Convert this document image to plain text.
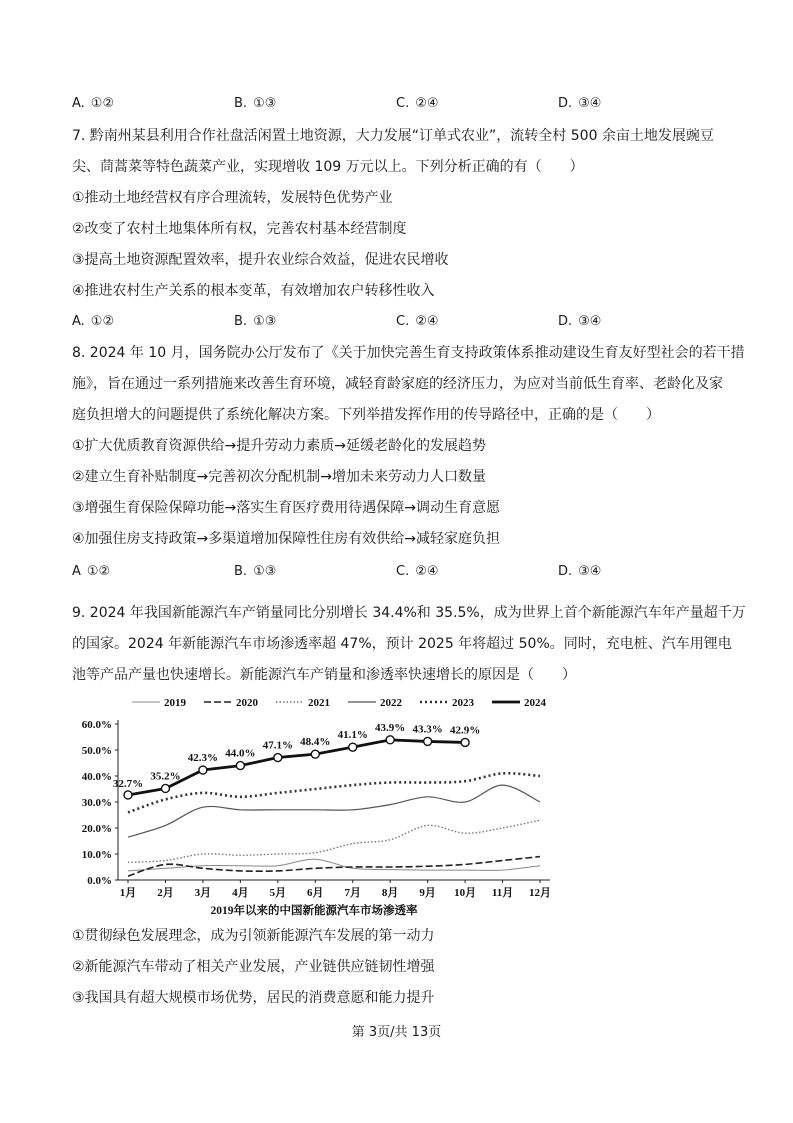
A. ①②	B. ①③	C. ②④	D. ③④
7. 黔南州某县利用合作社盘活闲置土地资源，大力发展“订单式农业”，流转全村 500 余亩土地发展豌豆
尖、茼蒿菜等特色蔬菜产业，实现增收 109 万元以上。下列分析正确的有（　　）
①推动土地经营权有序合理流转，发展特色优势产业
②改变了农村土地集体所有权，完善农村基本经营制度
③提高土地资源配置效率，提升农业综合效益，促进农民增收
④推进农村生产关系的根本变革，有效增加农户转移性收入
A. ①②	B. ①③	C. ②④	D. ③④
8. 2024 年 10 月，国务院办公厅发布了《关于加快完善生育支持政策体系推动建设生育友好型社会的若干措
施》，旨在通过一系列措施来改善生育环境，减轻育龄家庭的经济压力，为应对当前低生育率、老龄化及家
庭负担增大的问题提供了系统化解决方案。下列举措发挥作用的传导路径中，正确的是（　　）
①扩大优质教育资源供给→提升劳动力素质→延缓老龄化的发展趋势
②建立生育补贴制度→完善初次分配机制→增加未来劳动力人口数量
③增强生育保险保障功能→落实生育医疗费用待遇保障→调动生育意愿
④加强住房支持政策→多渠道增加保障性住房有效供给→减轻家庭负担
A ①②	B. ①③	C. ②④	D. ③④
9. 2024 年我国新能源汽车产销量同比分别增长 34.4%和 35.5%，成为世界上首个新能源汽车年产量超千万
的国家。2024 年新能源汽车市场渗透率超 47%，预计 2025 年将超过 50%。同时，充电桩、汽车用锂电
池等产品产量也快速增长。新能源汽车产销量和渗透率快速增长的原因是（　　）
0.0%
10.0%
20.0%
30.0%
40.0%
50.0%
60.0%
1月 2月 3月 4月 5月 6月 7月 8月 9月 10月 11月 12月
2019	2020	2021	2022	2023	2024
32.7%
35.2%
42.3% 44.0%
47.1% 48.4%
41.1%
43.9% 43.3% 42.9%
2019年以来的中国新能源汽车市场渗透率
①贯彻绿色发展理念，成为引领新能源汽车发展的第一动力
②新能源汽车带动了相关产业发展，产业链供应链韧性增强
③我国具有超大规模市场优势，居民的消费意愿和能力提升
第 3页/共 13页
